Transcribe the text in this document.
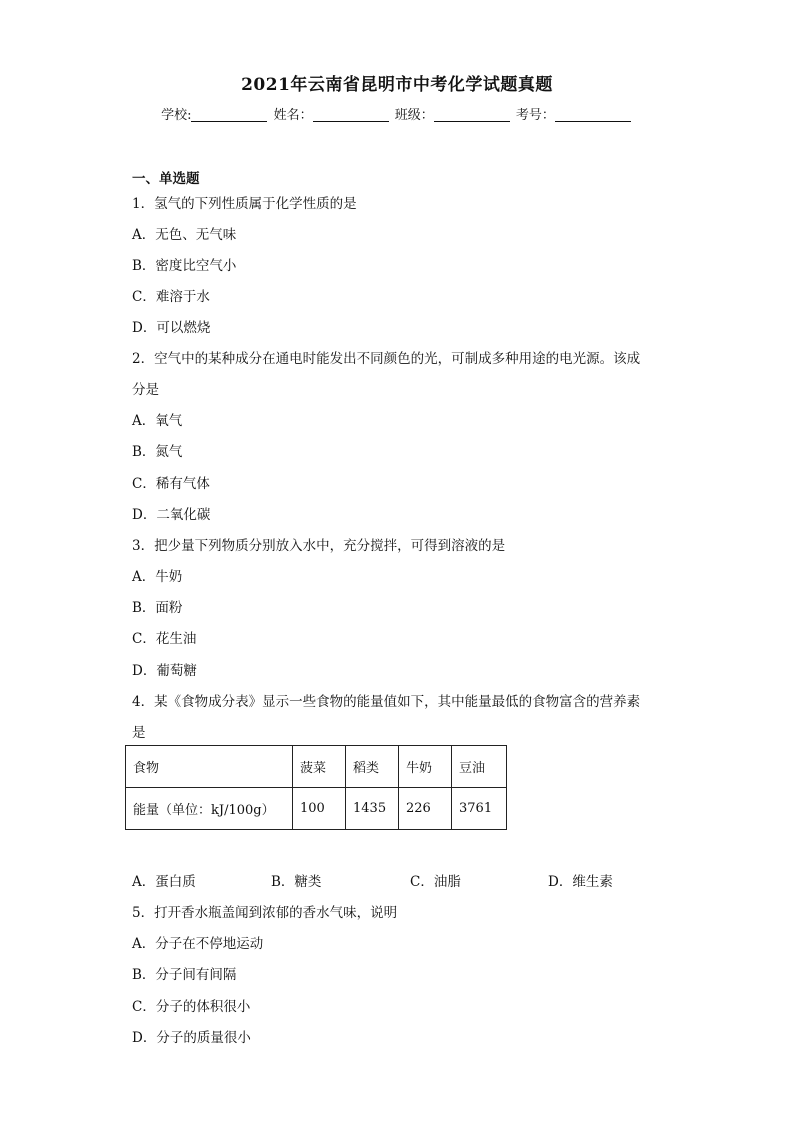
2021年云南省昆明市中考化学试题真题
学校:	姓名：	班级：	考号：
一、单选题
1．氢气的下列性质属于化学性质的是
A．无色、无气味
B．密度比空气小
C．难溶于水
D．可以燃烧
2．空气中的某种成分在通电时能发出不同颜色的光，可制成多种用途的电光源。该成
分是
A．氧气
B．氮气
C．稀有气体
D．二氧化碳
3．把少量下列物质分别放入水中，充分搅拌，可得到溶液的是
A．牛奶
B．面粉
C．花生油
D．葡萄糖
4．某《食物成分表》显示一些食物的能量值如下，其中能量最低的食物富含的营养素
是
食物	菠菜	稻类	牛奶	豆油
能量（单位：kJ/100g）	100	1435	226	3761
A．蛋白质	B．糖类	C．油脂	D．维生素
5．打开香水瓶盖闻到浓郁的香水气味，说明
A．分子在不停地运动
B．分子间有间隔
C．分子的体积很小
D．分子的质量很小
